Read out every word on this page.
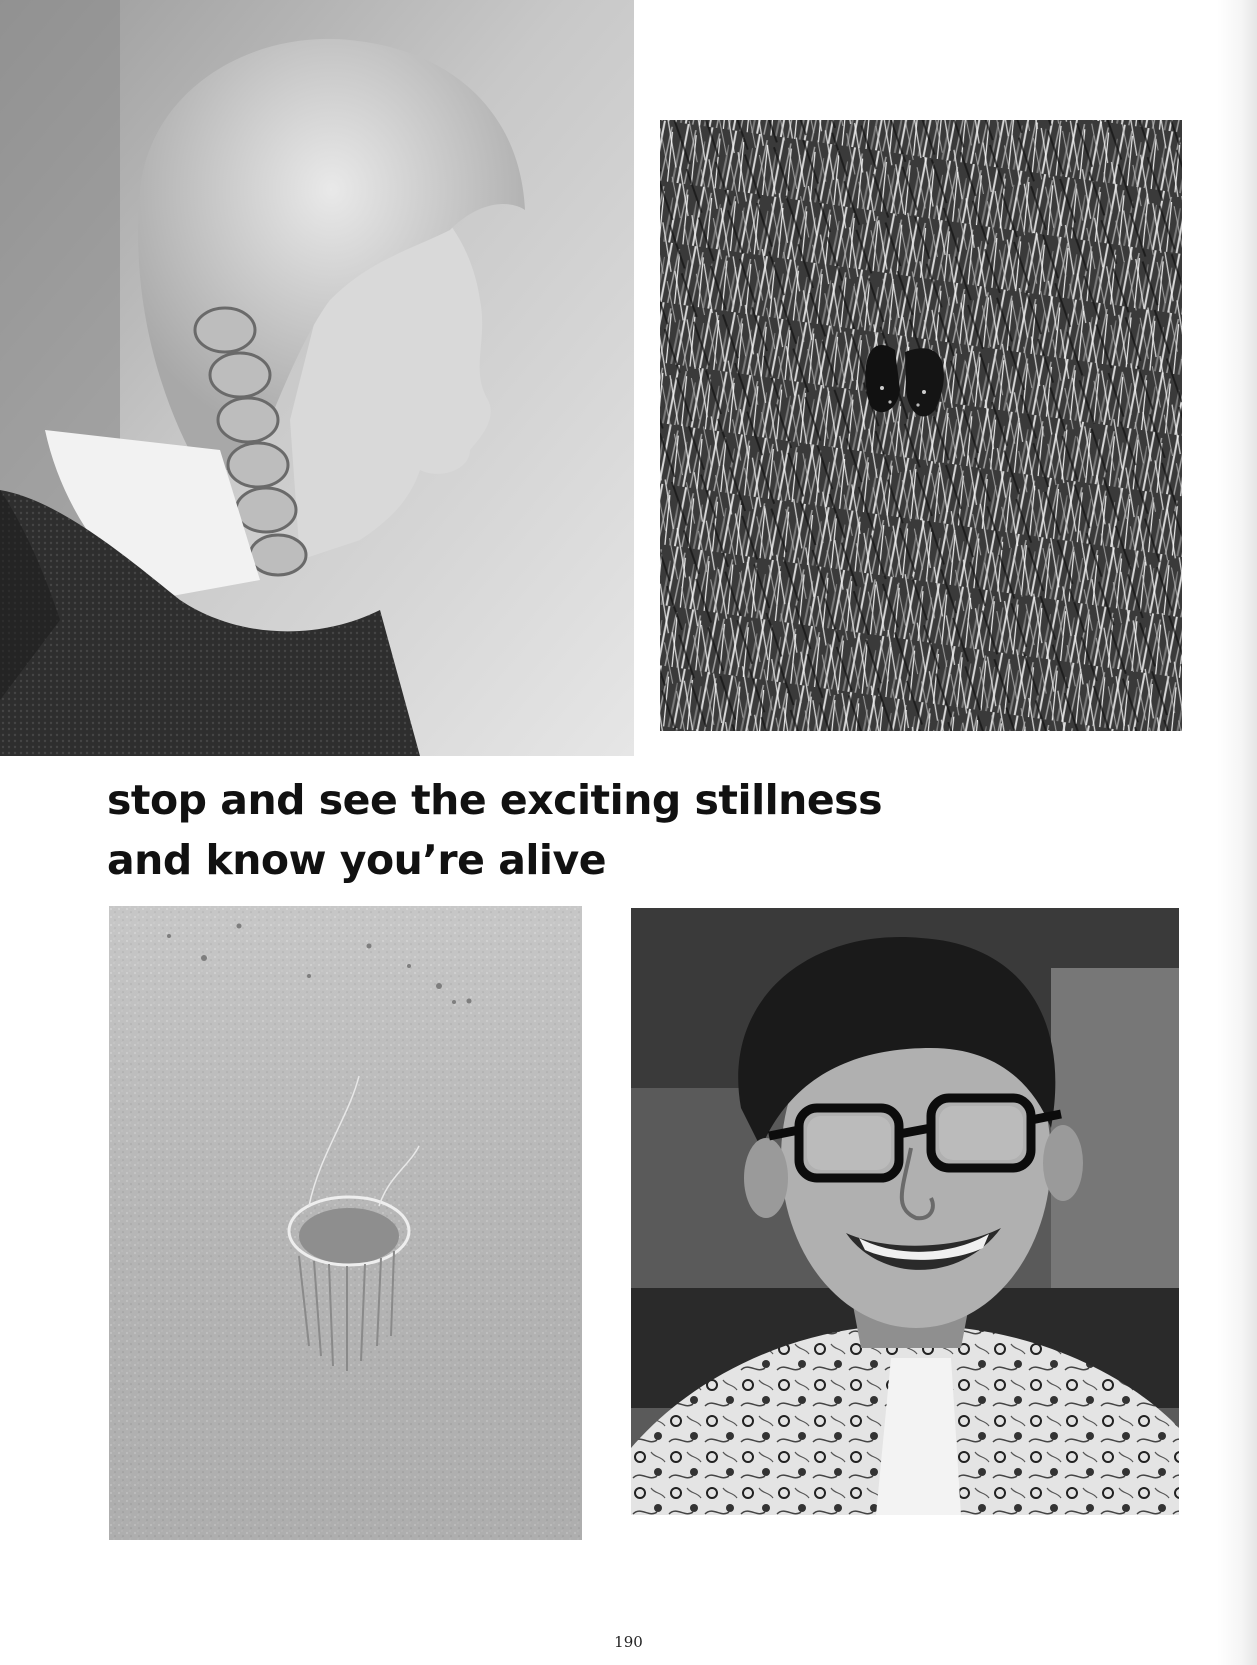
stop and see the exciting stillness
and know you’re alive
190
